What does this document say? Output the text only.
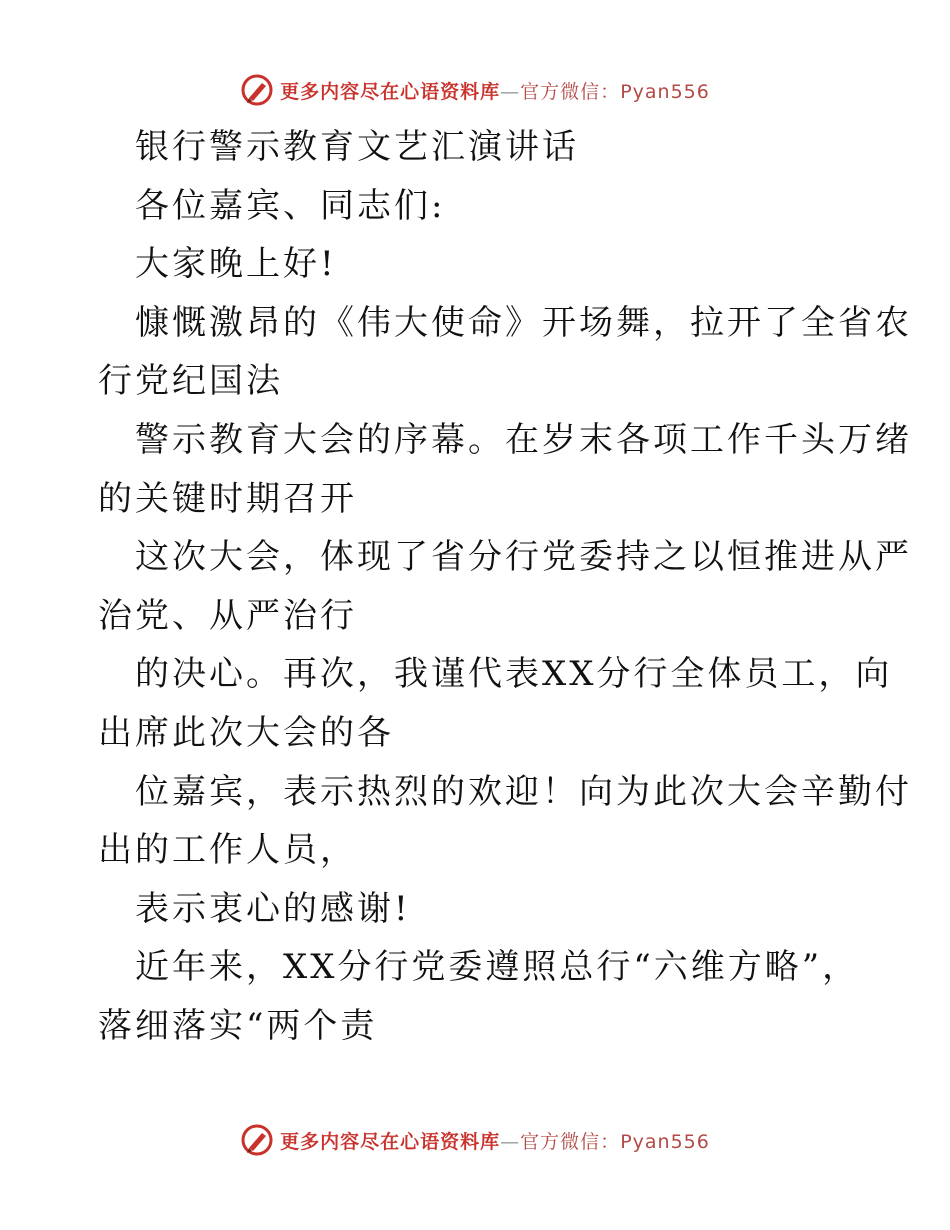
更多内容尽在心语资料库—官方微信：Pyan556
银行警示教育文艺汇演讲话
各位嘉宾、同志们:
大家晚上好!
慷慨激昂的《伟大使命》开场舞，拉开了全省农
行党纪国法
警示教育大会的序幕。在岁末各项工作千头万绪
的关键时期召开
这次大会，体现了省分行党委持之以恒推进从严
治党、从严治行
的决心。再次，我谨代表XX分行全体员工，向
出席此次大会的各
位嘉宾，表示热烈的欢迎！向为此次大会辛勤付
出的工作人员，
表示衷心的感谢!
近年来，XX分行党委遵照总行“六维方略”，
落细落实“两个责
更多内容尽在心语资料库—官方微信：Pyan556
